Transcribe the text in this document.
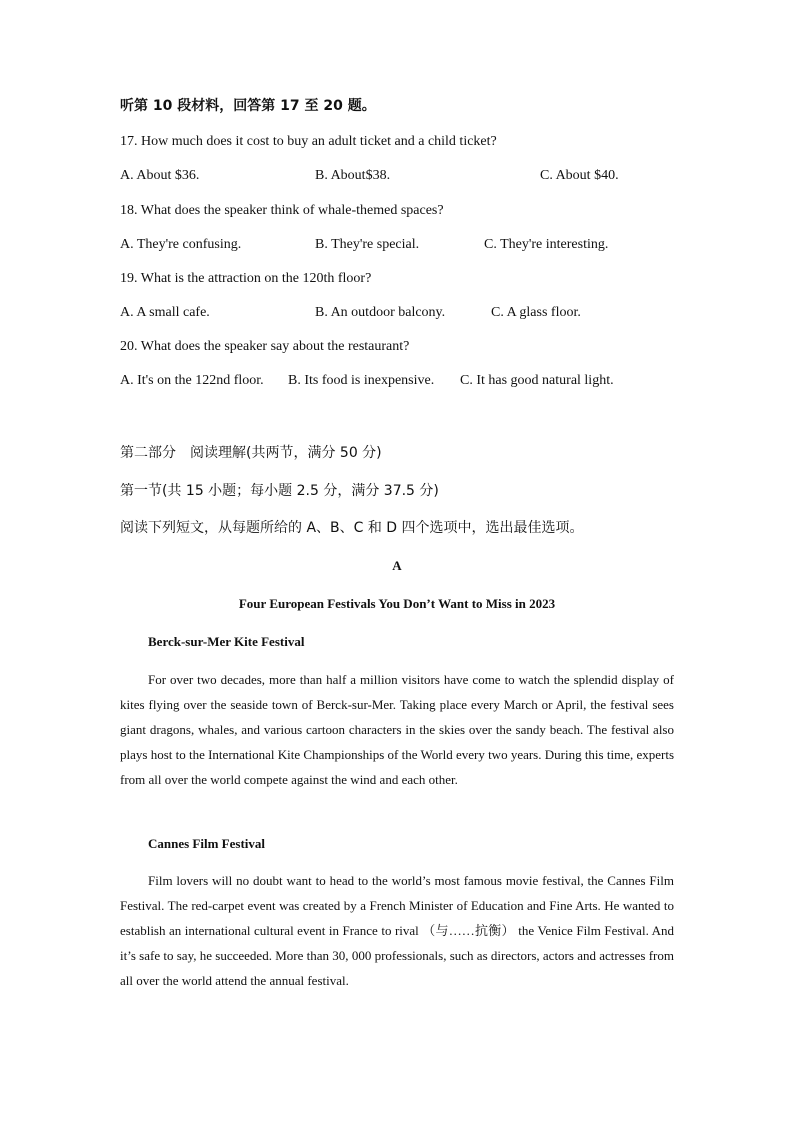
听第 10 段材料，回答第 17 至 20 题。
17. How much does it cost to buy an adult ticket and a child ticket?
A. About $36.	B. About$38.	C. About $40.
18. What does the speaker think of whale-themed spaces?
A. They're confusing.	B. They're special.	C. They're interesting.
19. What is the attraction on the 120th floor?
A. A small cafe.	B. An outdoor balcony.	C. A glass floor.
20. What does the speaker say about the restaurant?
A. It's on the 122nd floor. B. Its food is inexpensive. C. It has good natural light.
第二部分　阅读理解(共两节，满分 50 分)
第一节(共 15 小题；每小题 2.5 分，满分 37.5 分)
阅读下列短文，从每题所给的 A、B、C 和 D 四个选项中，选出最佳选项。
A
Four European Festivals You Don’t Want to Miss in 2023
Berck-sur-Mer Kite Festival

For over two decades, more than half a million visitors have come to watch the splendid display of kites flying over the seaside town of Berck-sur-Mer. Taking place every March or April, the festival sees giant dragons, whales, and various cartoon characters in the skies over the sandy beach. The festival also plays host to the International Kite Championships of the World every two years. During this time, experts from all over the world compete against the wind and each other.

Cannes Film Festival

Film lovers will no doubt want to head to the world’s most famous movie festival, the Cannes Film Festival. The red-carpet event was created by a French Minister of Education and Fine Arts. He wanted to establish an international cultural event in France to rival （与……抗衡） the Venice Film Festival. And it’s safe to say, he succeeded. More than 30, 000 professionals, such as directors, actors and actresses from all over the world attend the annual festival.
